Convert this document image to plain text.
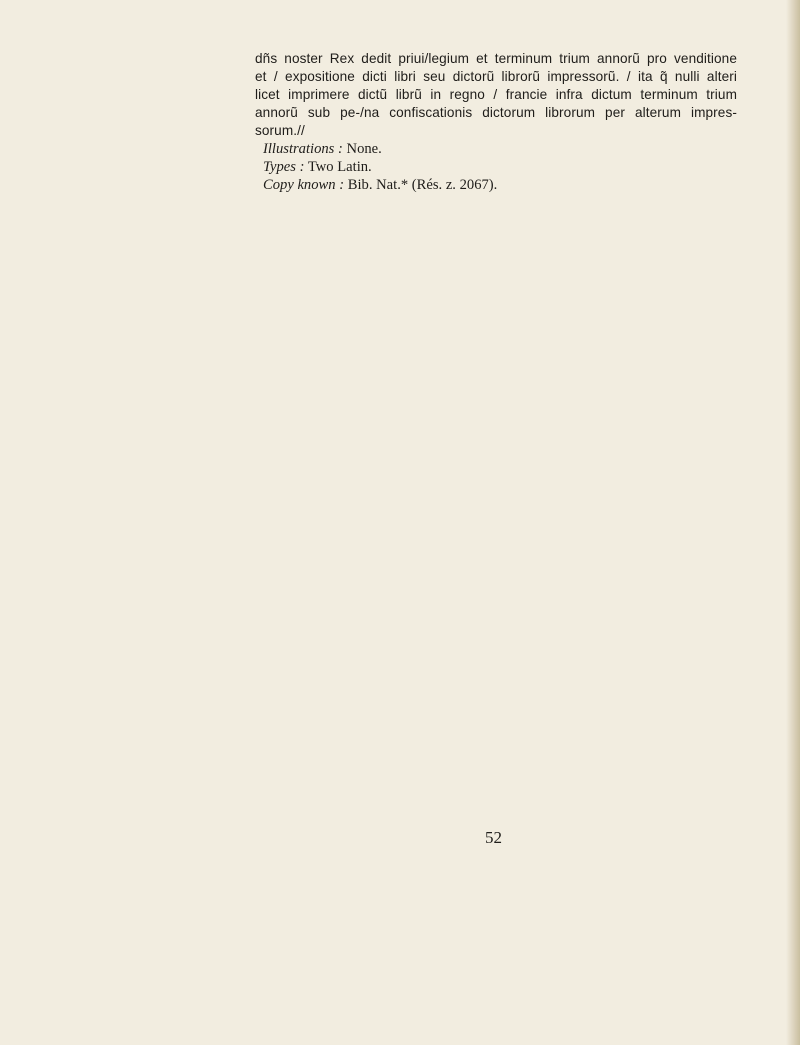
dñs noster Rex dedit priui/legium et terminum trium annorũ pro venditione
et / expositione dicti libri seu dictorũ librorũ impressorũ. / ita q̃ nulli alteri
licet imprimere dictũ librũ in regno / francie infra dictum terminum trium
annorũ sub pe-/na confiscationis dictorum librorum per alterum impres-
sorum.//

Illustrations : None.

Types : Two Latin.

Copy known : Bib. Nat.* (Rés. z. 2067).

52
